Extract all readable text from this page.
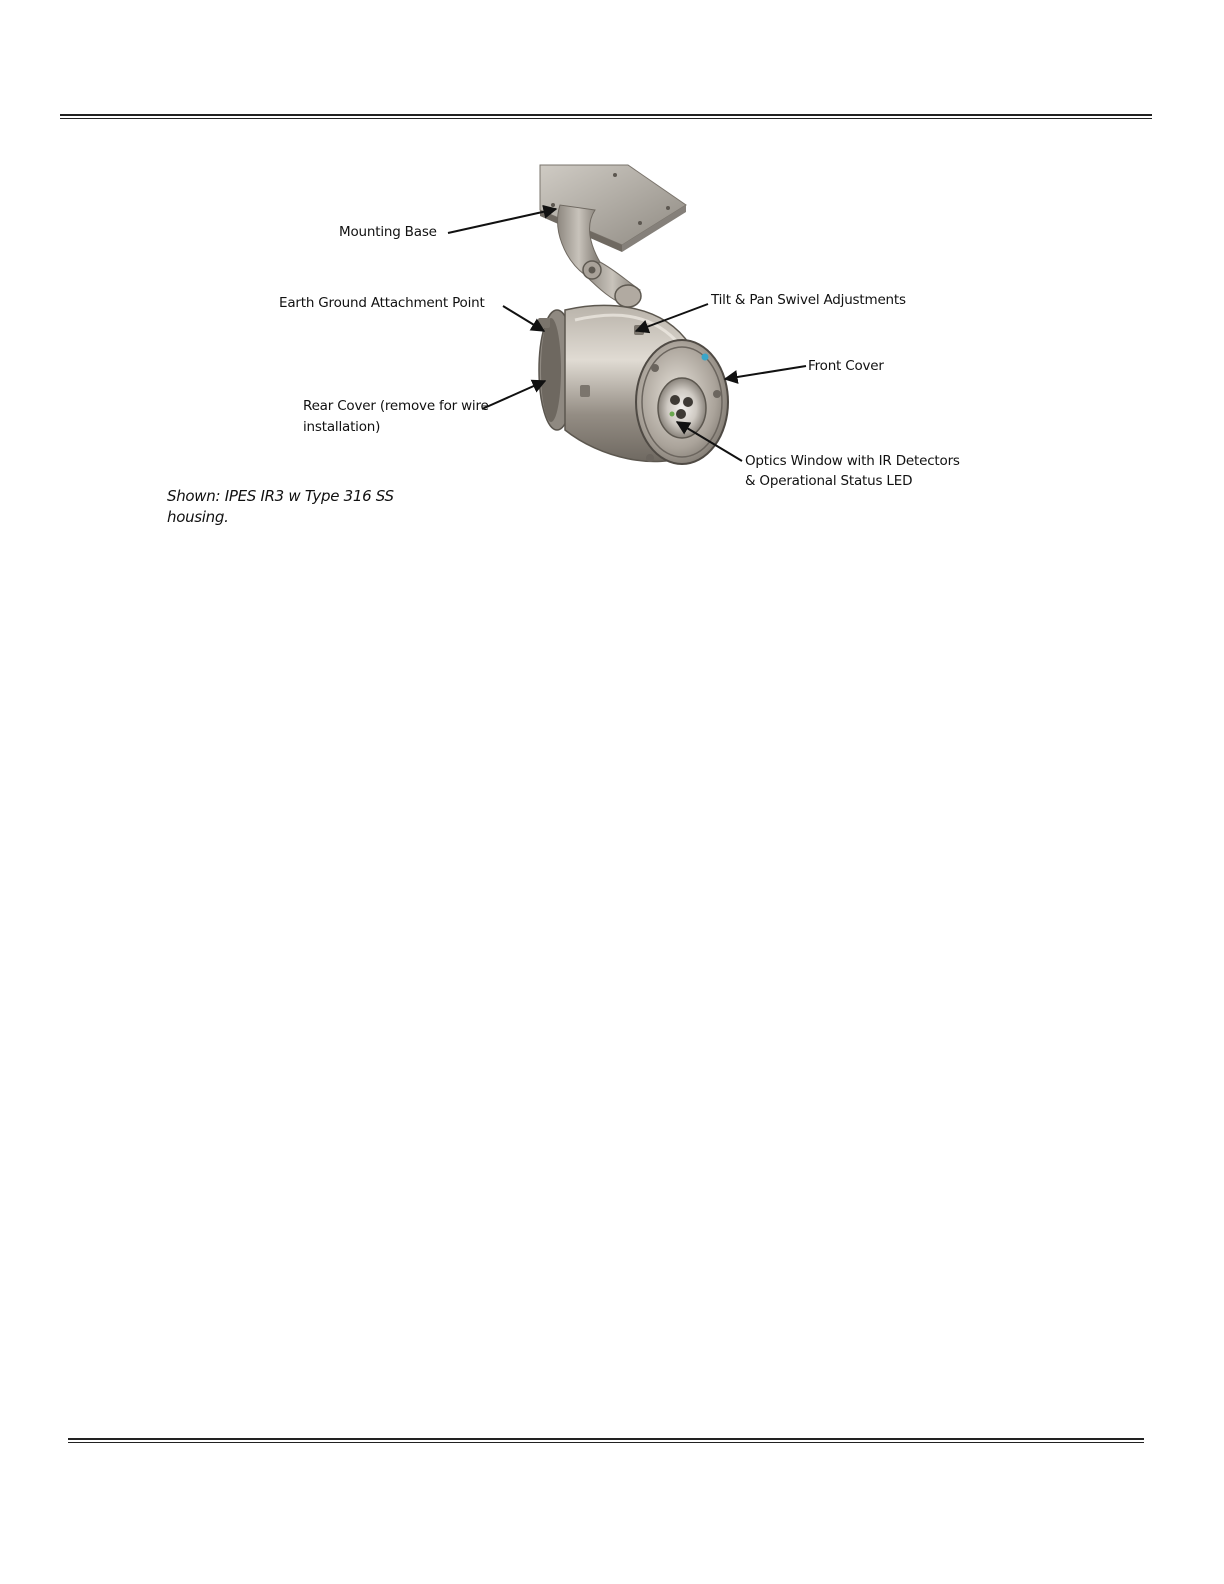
Mounting Base
Earth Ground Attachment Point	Tilt & Pan Swivel Adjustments
Front Cover
Rear Cover (remove for wire
installation)
Optics Window with IR Detectors
& Operational Status LED
Shown: IPES IR3 w Type 316 SS
housing.
